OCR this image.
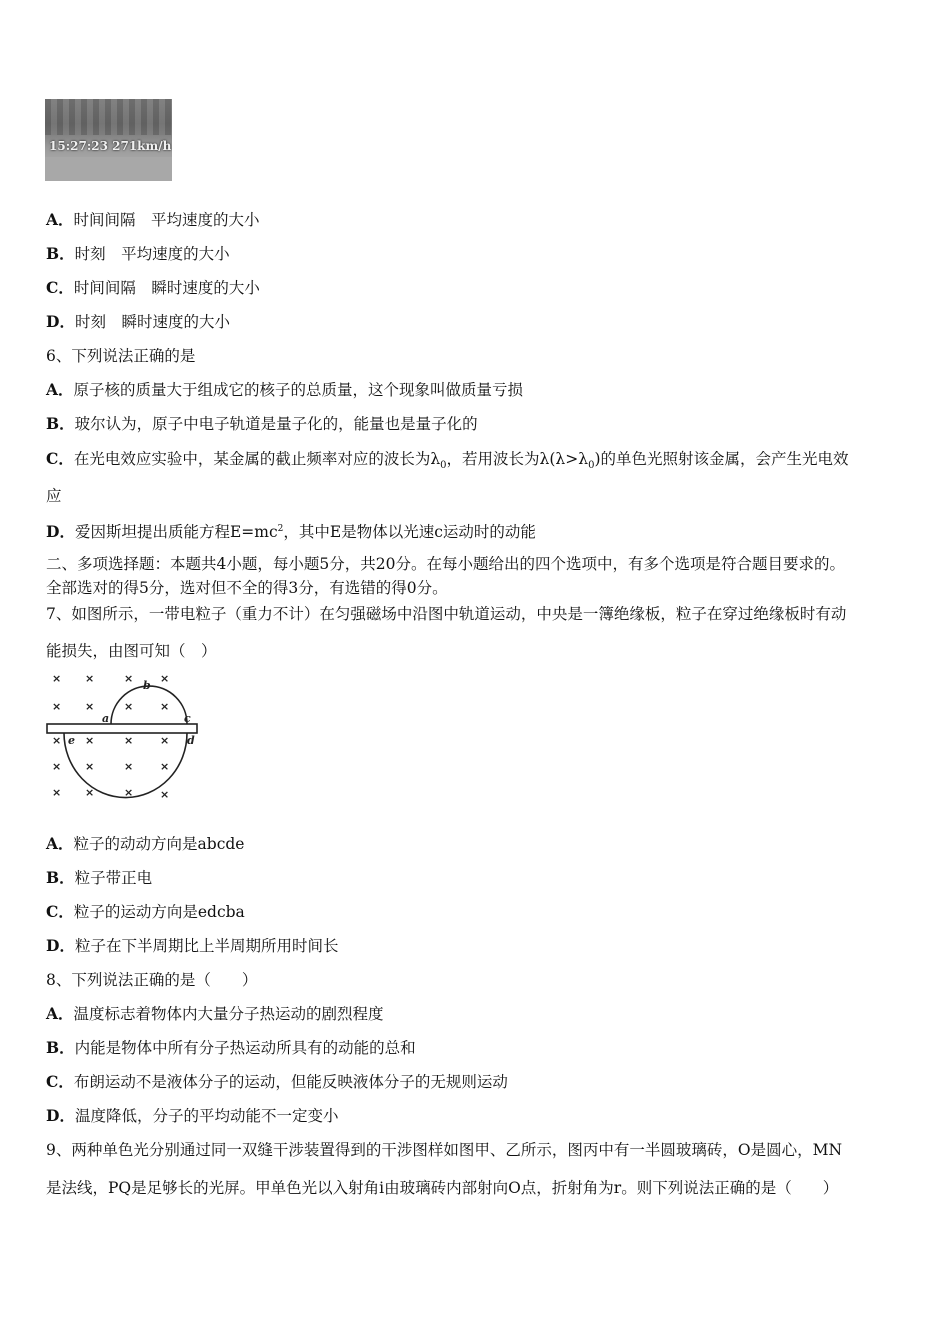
15:27:23 271km/h
A．时间间隔　平均速度的大小
B．时刻　平均速度的大小
C．时间间隔　瞬时速度的大小
D．时刻　瞬时速度的大小
6、下列说法正确的是
A．原子核的质量大于组成它的核子的总质量，这个现象叫做质量亏损
B．玻尔认为，原子中电子轨道是量子化的，能量也是量子化的
C．在光电效应实验中，某金属的截止频率对应的波长为$\lambda_0$，若用波长为$\lambda(\lambda>\lambda_0)$的单色光照射该金属，会产生光电效
应
D．爱因斯坦提出质能方程$E=mc^2$，其中E是物体以光速c运动时的动能
二、多项选择题：本题共4小题，每小题5分，共20分。在每小题给出的四个选项中，有多个选项是符合题目要求的。
全部选对的得5分，选对但不全的得3分，有选错的得0分。
7、如图所示，一带电粒子（重力不计）在匀强磁场中沿图中轨道运动，中央是一簿绝缘板，粒子在穿过绝缘板时有动
能损失，由图可知（　）
× ×	× ×
× ×	× ×
× ×	× ×
× ×	× ×
× ×	× ×
a
b
c
d
e
A．粒子的动动方向是abcde
B．粒子带正电
C．粒子的运动方向是edcba
D．粒子在下半周期比上半周期所用时间长
8、下列说法正确的是（　　）
A．温度标志着物体内大量分子热运动的剧烈程度
B．内能是物体中所有分子热运动所具有的动能的总和
C．布朗运动不是液体分子的运动，但能反映液体分子的无规则运动
D．温度降低，分子的平均动能不一定变小
9、两种单色光分别通过同一双缝干涉装置得到的干涉图样如图甲、乙所示，图丙中有一半圆玻璃砖，O是圆心，MN
是法线，PQ是足够长的光屏。甲单色光以入射角i由玻璃砖内部射向O点，折射角为r。则下列说法正确的是（　　）
